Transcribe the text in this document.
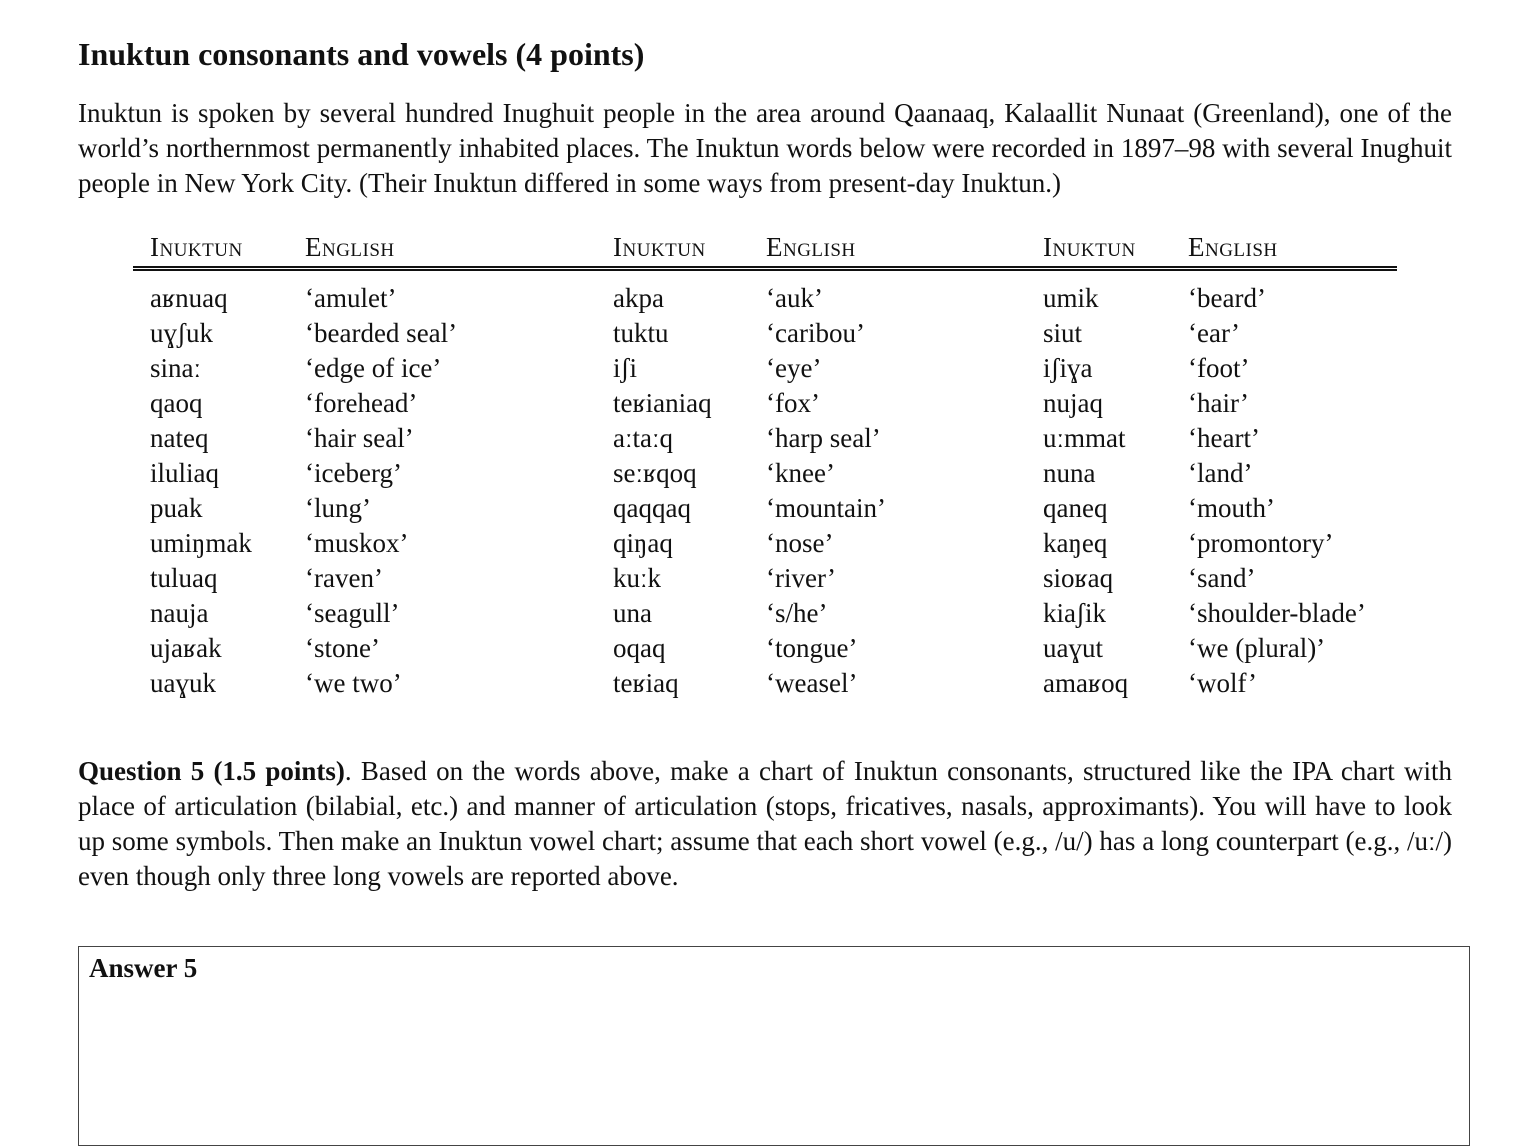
Inuktun consonants and vowels (4 points)

Inuktun is spoken by several hundred Inughuit people in the area around Qaanaaq, Kalaallit Nunaat (Greenland), one of the world’s northernmost permanently inhabited places. The Inuktun words below were recorded in 1897–98 with several Inughuit people in New York City. (Their Inuktun differed in some ways from present-day Inuktun.)

Inuktun	English	Inuktun	English	Inuktun	English
aʁnuaq	‘amulet’	akpa	‘auk’	umik	‘beard’
uɣʃuk	‘bearded seal’	tuktu	‘caribou’	siut	‘ear’
sinaː	‘edge of ice’	iʃi	‘eye’	iʃiɣa	‘foot’
qaoq	‘forehead’	teʁianiaq	‘fox’	nujaq	‘hair’
nateq	‘hair seal’	aːtaːq	‘harp seal’	uːmmat	‘heart’
iluliaq	‘iceberg’	seːʁqoq	‘knee’	nuna	‘land’
puak	‘lung’	qaqqaq	‘mountain’	qaneq	‘mouth’
umiŋmak	‘muskox’	qiŋaq	‘nose’	kaŋeq	‘promontory’
tuluaq	‘raven’	kuːk	‘river’	sioʁaq	‘sand’
nauja	‘seagull’	una	‘s/he’	kiaʃik	‘shoulder-blade’
ujaʁak	‘stone’	oqaq	‘tongue’	uaɣut	‘we (plural)’
uaɣuk	‘we two’	teʁiaq	‘weasel’	amaʁoq	‘wolf’

Question 5 (1.5 points). Based on the words above, make a chart of Inuktun consonants, structured like the IPA chart with place of articulation (bilabial, etc.) and manner of articulation (stops, fricatives, nasals, approximants). You will have to look up some symbols. Then make an Inuktun vowel chart; assume that each short vowel (e.g., /u/) has a long counterpart (e.g., /uː/) even though only three long vowels are reported above.

Answer 5
